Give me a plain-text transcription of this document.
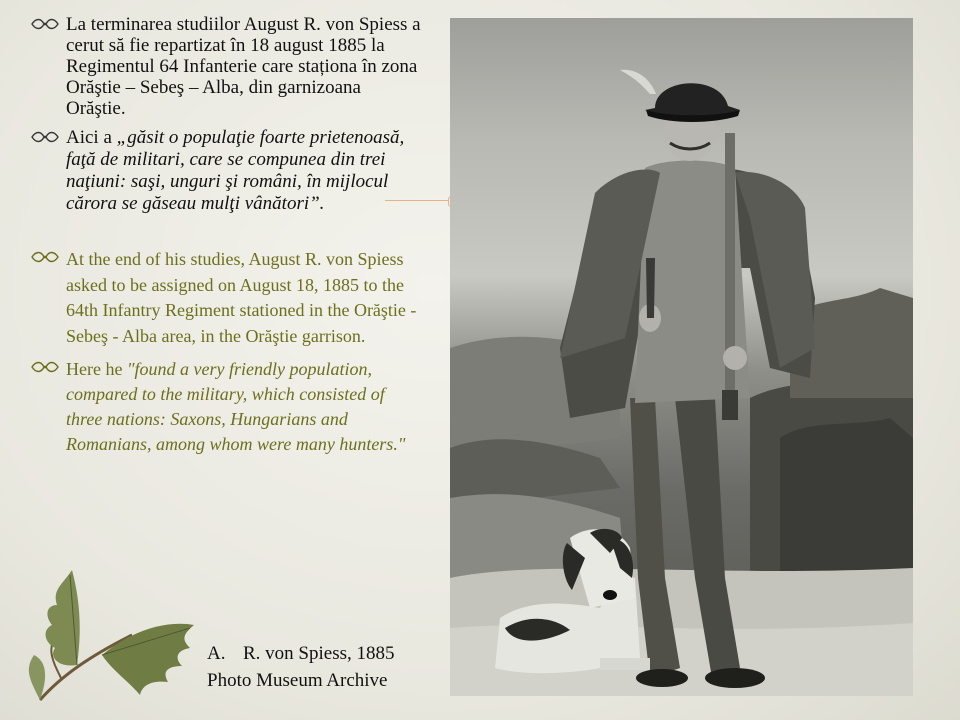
La terminarea studiilor August R. von Spiess a cerut să fie repartizat în 18 august 1885 la Regimentul 64 Infanterie care staționa în zona Orăştie – Sebeş – Alba, din garnizoana Orăştie.
Aici a „găsit o populaţie foarte prietenoasă, faţă de militari, care se compunea din trei naţiuni: saşi, unguri şi români, în mijlocul cărora se găseau mulţi vânători”.
At the end of his studies, August R. von Spiess asked to be assigned on August 18, 1885 to the 64th Infantry Regiment stationed in the Orăştie - Sebeş - Alba area, in the Orăştie garrison.
Here he "found a very friendly population, compared to the military, which consisted of three nations: Saxons, Hungarians and Romanians, among whom were many hunters."
A. R. von Spiess, 1885
Photo Museum Archive
